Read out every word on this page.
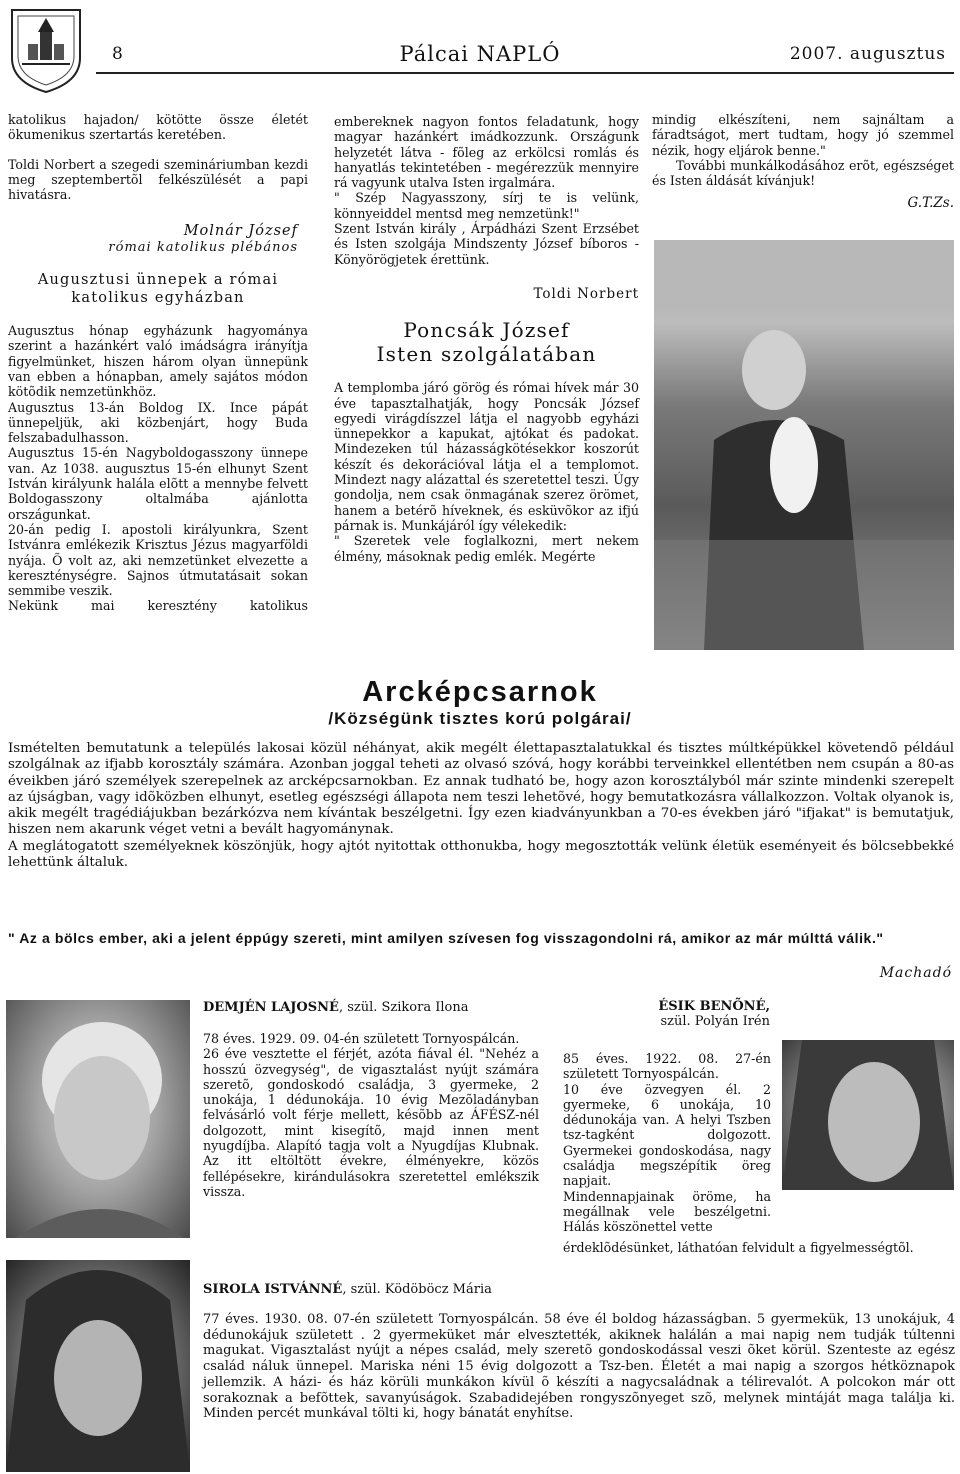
8	Pálcai NAPLÓ	2007. augusztus

katolikus hajadon/ kötötte össze életét ökumenikus szertartás keretében.

Toldi Norbert a szegedi szemináriumban kezdi meg szeptembertõl felkészülését a papi hivatásra.

Molnár József
római katolikus plébános
Augusztusi ünnepek a római katolikus egyházban

Augusztus hónap egyházunk hagyománya szerint a hazánkért való imádságra irányítja figyelmünket, hiszen három olyan ünnepünk van ebben a hónapban, amely sajátos módon kötõdik nemzetünkhöz.

Augusztus 13-án Boldog IX. Ince pápát ünnepeljük, aki közbenjárt, hogy Buda felszabadulhasson.

Augusztus 15-én Nagyboldogasszony ünnepe van. Az 1038. augusztus 15-én elhunyt Szent István királyunk halála elõtt a mennybe felvett Boldogasszony oltalmába ajánlotta országunkat.

20-án pedig I. apostoli királyunkra, Szent Istvánra emlékezik Krisztus Jézus magyarföldi nyája. Õ volt az, aki nemzetünket elvezette a kereszténységre. Sajnos útmutatásait sokan semmibe veszik.

Nekünk mai keresztény katolikus

embereknek nagyon fontos feladatunk, hogy magyar hazánkért imádkozzunk. Országunk helyzetét látva - fõleg az erkölcsi romlás és hanyatlás tekintetében - megérezzük mennyire rá vagyunk utalva Isten irgalmára.

" Szép Nagyasszony, sírj te is velünk, könnyeiddel mentsd meg nemzetünk!"

Szent István király , Árpádházi Szent Erzsébet és Isten szolgája Mindszenty József bíboros - Könyörögjetek érettünk.

Toldi Norbert
Poncsák József
Isten szolgálatában

A templomba járó görög és római hívek már 30 éve tapasztalhatják, hogy Poncsák József egyedi virágdíszzel látja el nagyobb egyházi ünnepekkor a kapukat, ajtókat és padokat. Mindezeken túl házasságkötésekkor koszorút készít és dekorációval látja el a templomot. Mindezt nagy alázattal és szeretettel teszi. Úgy gondolja, nem csak önmagának szerez örömet, hanem a betérõ híveknek, és esküvõkor az ifjú párnak is. Munkájáról így vélekedik:

" Szeretek vele foglalkozni, mert nekem élmény, másoknak pedig emlék. Megérte

mindig elkészíteni, nem sajnáltam a fáradtságot, mert tudtam, hogy jó szemmel nézik, hogy eljárok benne."

További munkálkodásához erõt, egészséget és Isten áldását kívánjuk!

G.T.Zs.
Arcképcsarnok
/Községünk tisztes korú polgárai/

Ismételten bemutatunk a település lakosai közül néhányat, akik megélt élettapasztalatukkal és tisztes múltképükkel követendõ például szolgálnak az ifjabb korosztály számára. Azonban joggal teheti az olvasó szóvá, hogy korábbi terveinkkel ellentétben nem csupán a 80-as éveikben járó személyek szerepelnek az arcképcsarnokban. Ez annak tudható be, hogy azon korosztályból már szinte mindenki szerepelt az újságban, vagy idõközben elhunyt, esetleg egészségi állapota nem teszi lehetõvé, hogy bemutatkozásra vállalkozzon. Voltak olyanok is, akik megélt tragédiájukban bezárkózva nem kívántak beszélgetni. Így ezen kiadványunkban a 70-es években járó "ifjakat" is bemutatjuk, hiszen nem akarunk véget vetni a bevált hagyománynak.

A meglátogatott személyeknek köszönjük, hogy ajtót nyitottak otthonukba, hogy megosztották velünk életük eseményeit és bölcsebbekké lehettünk általuk.

" Az a bölcs ember, aki a jelent éppúgy szereti, mint amilyen szívesen fog visszagondolni rá, amikor az már múlttá válik."
Machadó
DEMJÉN LAJOSNÉ, szül. Szikora Ilona

78 éves. 1929. 09. 04-én született Tornyospálcán.

26 éve vesztette el férjét, azóta fiával él. "Nehéz a hosszú özvegység", de vigasztalást nyújt számára szeretõ, gondoskodó családja, 3 gyermeke, 2 unokája, 1 dédunokája. 10 évig Mezõladányban felvásárló volt férje mellett, késõbb az ÁFÉSZ-nél dolgozott, mint kisegítõ, majd innen ment nyugdíjba. Alapító tagja volt a Nyugdíjas Klubnak. Az itt eltöltött évekre, élményekre, közös fellépésekre, kirándulásokra szeretettel emlékszik vissza.

ÉSIK BENÕNÉ,
szül. Polyán Irén

85 éves. 1922. 08. 27-én született Tornyospálcán.

10 éve özvegyen él. 2 gyermeke, 6 unokája, 10 dédunokája van. A helyi Tszben tsz-tagként dolgozott. Gyermekei gondoskodása, nagy családja megszépítik öreg napjait.

Mindennapjainak öröme, ha megállnak vele beszélgetni. Hálás köszönettel vette

érdeklõdésünket, láthatóan felvidult a figyelmességtõl.
SIROLA ISTVÁNNÉ, szül. Ködöböcz Mária
77 éves. 1930. 08. 07-én született Tornyospálcán. 58 éve él boldog házasságban. 5 gyermekük, 13 unokájuk, 4 dédunokájuk született . 2 gyermeküket már elvesztették, akiknek halálán a mai napig nem tudják túltenni magukat. Vigasztalást nyújt a népes család, mely szeretõ gondoskodással veszi õket körül. Szenteste az egész család náluk ünnepel. Mariska néni 15 évig dolgozott a Tsz-ben. Életét a mai napig a szorgos hétköznapok jellemzik. A házi- és ház körüli munkákon kívül õ készíti a nagycsaládnak a télirevalót. A polcokon már ott sorakoznak a befõttek, savanyúságok. Szabadidejében rongyszõnyeget szõ, melynek mintáját maga találja ki. Minden percét munkával tölti ki, hogy bánatát enyhítse.
